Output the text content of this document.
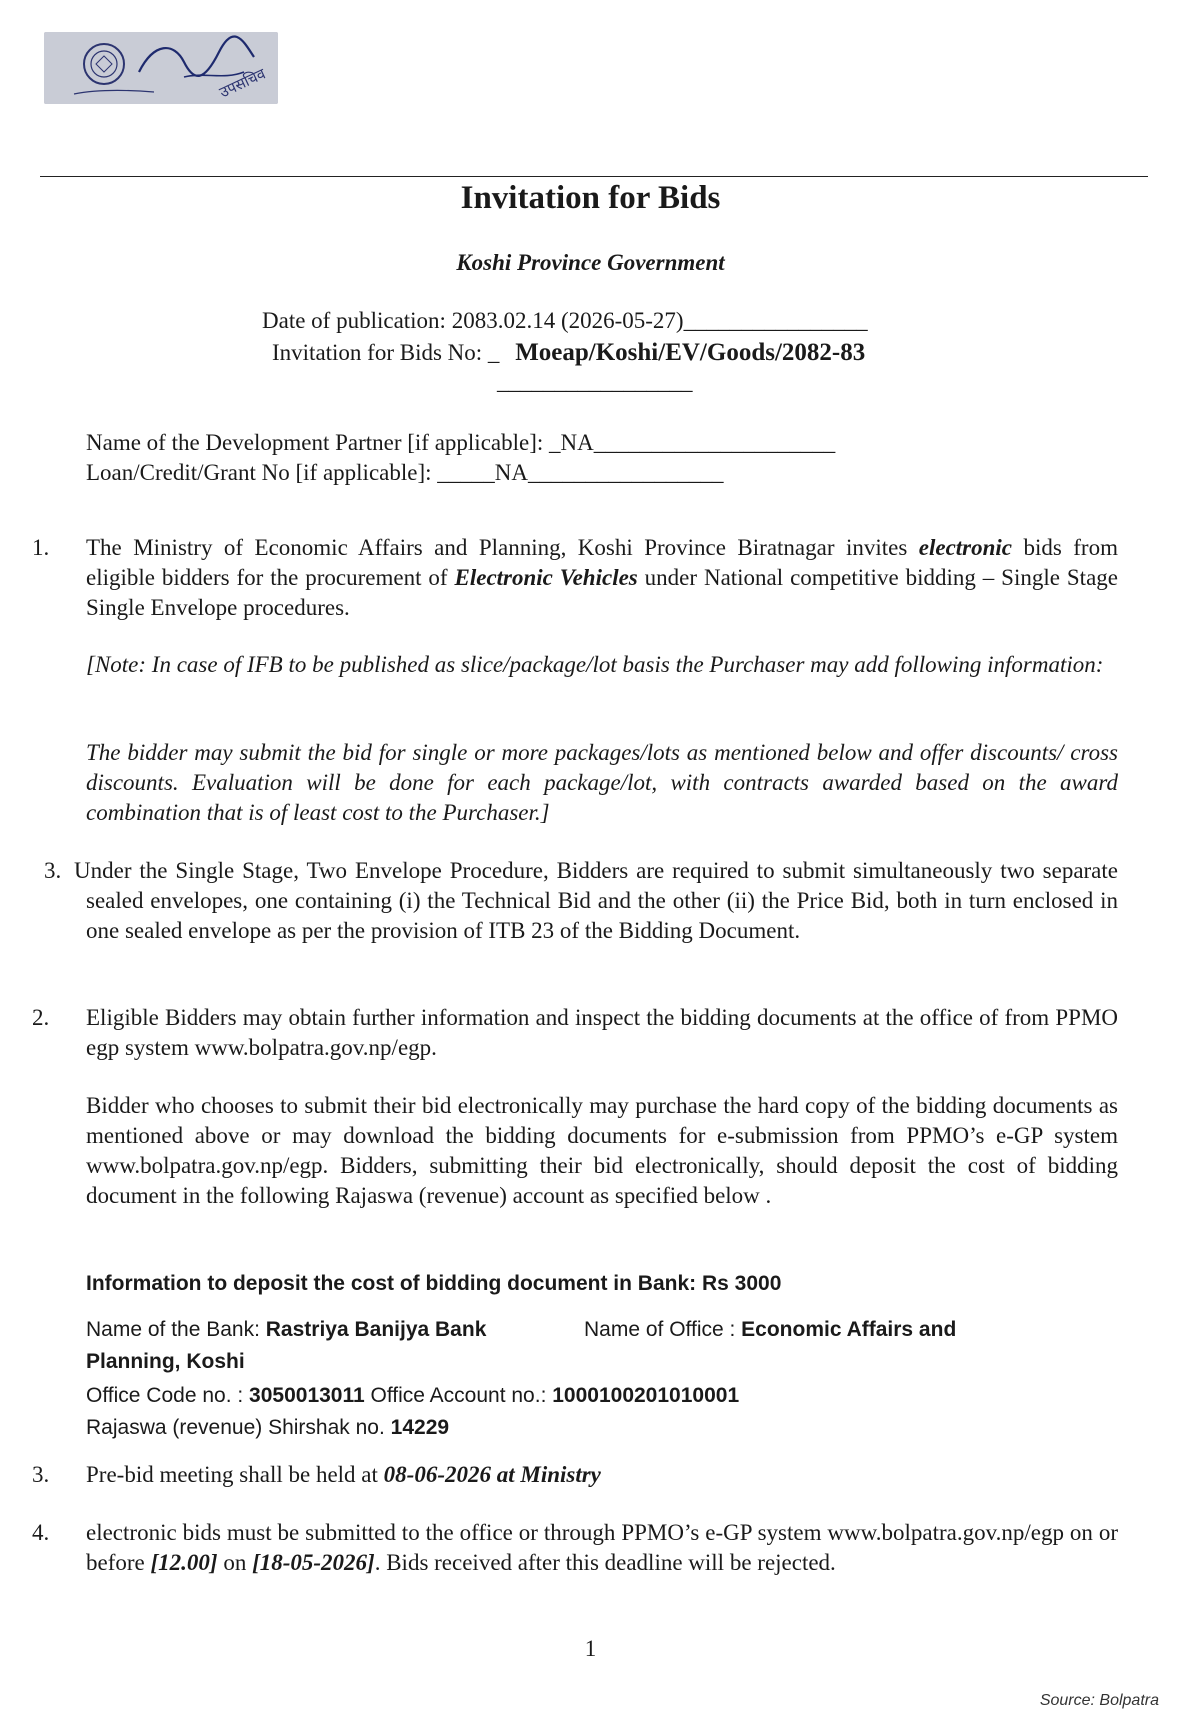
उपसचिव
Invitation for Bids
Koshi Province Government
Date of publication: 2083.02.14 (2026-05-27)________________
Invitation for Bids No: _ Moeap/Koshi/EV/Goods/2082-83
_________________
Name of the Development Partner [if applicable]: _NA_____________________
Loan/Credit/Grant No [if applicable]: _____NA_________________
1. The Ministry of Economic Affairs and Planning, Koshi Province Biratnagar invites electronic bids from eligible bidders for the procurement of Electronic Vehicles under National competitive bidding – Single Stage Single Envelope procedures.
[Note: In case of IFB to be published as slice/package/lot basis the Purchaser may add following information:
The bidder may submit the bid for single or more packages/lots as mentioned below and offer discounts/ cross discounts. Evaluation will be done for each package/lot, with contracts awarded based on the award combination that is of least cost to the Purchaser.]
3. Under the Single Stage, Two Envelope Procedure, Bidders are required to submit simultaneously two separate sealed envelopes, one containing (i) the Technical Bid and the other (ii) the Price Bid, both in turn enclosed in one sealed envelope as per the provision of ITB 23 of the Bidding Document.
2. Eligible Bidders may obtain further information and inspect the bidding documents at the office of from PPMO egp system www.bolpatra.gov.np/egp.
Bidder who chooses to submit their bid electronically may purchase the hard copy of the bidding documents as mentioned above or may download the bidding documents for e-submission from PPMO’s e-GP system www.bolpatra.gov.np/egp. Bidders, submitting their bid electronically, should deposit the cost of bidding document in the following Rajaswa (revenue) account as specified below .
Information to deposit the cost of bidding document in Bank: Rs 3000
Name of the Bank: Rastriya Banijya Bank	Name of Office : Economic Affairs and
Planning, Koshi
Office Code no. : 3050013011 Office Account no.: 1000100201010001
Rajaswa (revenue) Shirshak no. 14229
3. Pre-bid meeting shall be held at 08-06-2026 at Ministry
4. electronic bids must be submitted to the office or through PPMO’s e-GP system www.bolpatra.gov.np/egp on or before [12.00] on [18-05-2026]. Bids received after this deadline will be rejected.
1
Source: Bolpatra
